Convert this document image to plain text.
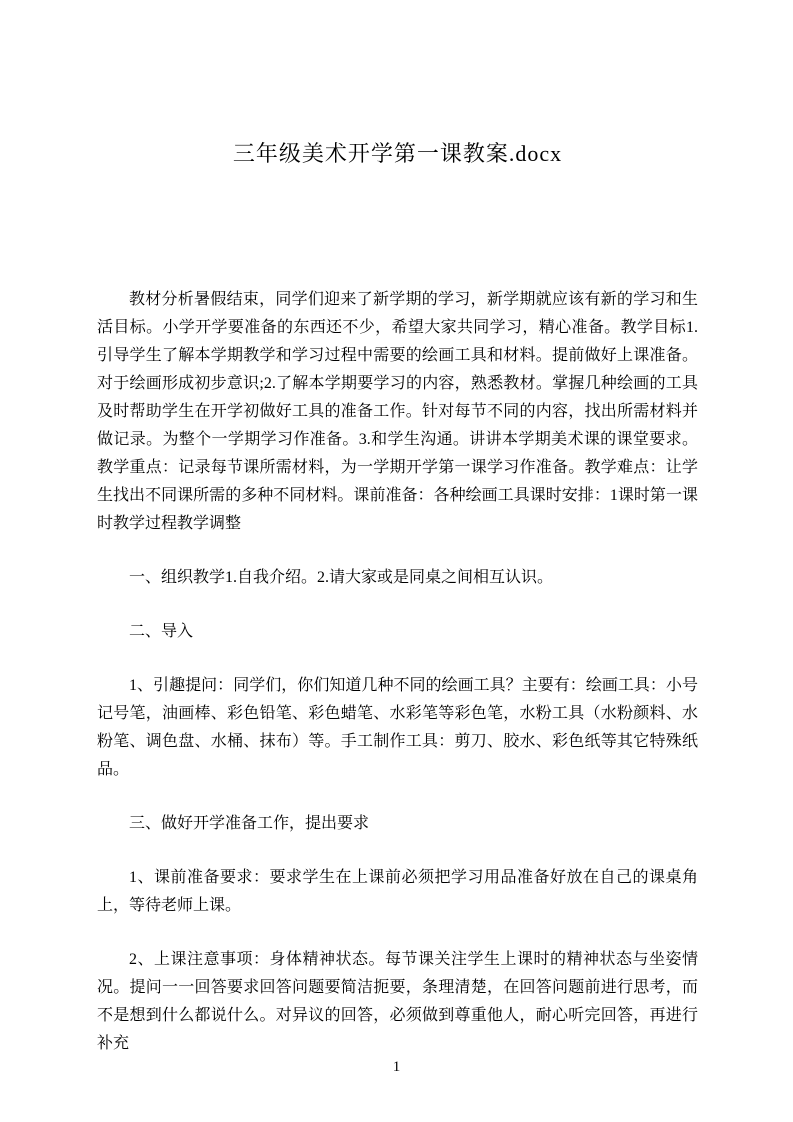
三年级美术开学第一课教案.docx

教材分析暑假结束，同学们迎来了新学期的学习，新学期就应该有新的学习和生活目标。小学开学要准备的东西还不少，希望大家共同学习，精心准备。教学目标1.引导学生了解本学期教学和学习过程中需要的绘画工具和材料。提前做好上课准备。对于绘画形成初步意识;2.了解本学期要学习的内容，熟悉教材。掌握几种绘画的工具及时帮助学生在开学初做好工具的准备工作。针对每节不同的内容，找出所需材料并做记录。为整个一学期学习作准备。3.和学生沟通。讲讲本学期美术课的课堂要求。教学重点：记录每节课所需材料，为一学期开学第一课学习作准备。教学难点：让学生找出不同课所需的多种不同材料。课前准备：各种绘画工具课时安排：1课时第一课时教学过程教学调整

一、组织教学1.自我介绍。2.请大家或是同桌之间相互认识。

二、导入

1、引趣提问：同学们，你们知道几种不同的绘画工具？主要有：绘画工具：小号记号笔，油画棒、彩色铅笔、彩色蜡笔、水彩笔等彩色笔，水粉工具（水粉颜料、水粉笔、调色盘、水桶、抹布）等。手工制作工具：剪刀、胶水、彩色纸等其它特殊纸品。

三、做好开学准备工作，提出要求

1、课前准备要求：要求学生在上课前必须把学习用品准备好放在自己的课桌角上，等待老师上课。

2、上课注意事项：身体精神状态。每节课关注学生上课时的精神状态与坐姿情况。提问一一回答要求回答问题要简洁扼要，条理清楚，在回答问题前进行思考，而不是想到什么都说什么。对异议的回答，必须做到尊重他人，耐心听完回答，再进行补充

1
